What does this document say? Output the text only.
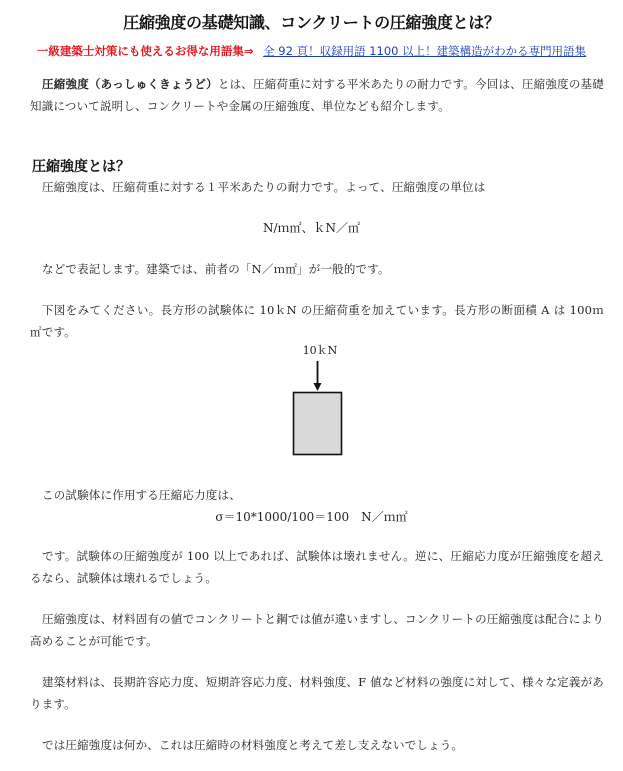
圧縮強度の基礎知識、コンクリートの圧縮強度とは？
一級建築士対策にも使えるお得な用語集⇒ 全 92 頁！収録用語 1100 以上！建築構造がわかる専門用語集
圧縮強度（あっしゅくきょうど）とは、圧縮荷重に対する平米あたりの耐力です。今回は、圧縮強度の基礎知識について説明し、コンクリートや金属の圧縮強度、単位なども紹介します。
圧縮強度とは？
圧縮強度は、圧縮荷重に対する１平米あたりの耐力です。よって、圧縮強度の単位は
N/ｍ㎡、ｋN／㎡
などで表記します。建築では、前者の「N／ｍ㎡」が一般的です。
下図をみてください。長方形の試験体に 10ｋN の圧縮荷重を加えています。長方形の断面積 A は 100ｍ㎡です。
10ｋN
この試験体に作用する圧縮応力度は、
σ＝10*1000/100＝100　N／ｍ㎡
です。試験体の圧縮強度が 100 以上であれば、試験体は壊れません。逆に、圧縮応力度が圧縮強度を超えるなら、試験体は壊れるでしょう。
圧縮強度は、材料固有の値でコンクリートと鋼では値が違いますし、コンクリートの圧縮強度は配合により高めることが可能です。
建築材料は、長期許容応力度、短期許容応力度、材料強度、F 値など材料の強度に対して、様々な定義があります。
では圧縮強度は何か、これは圧縮時の材料強度と考えて差し支えないでしょう。
